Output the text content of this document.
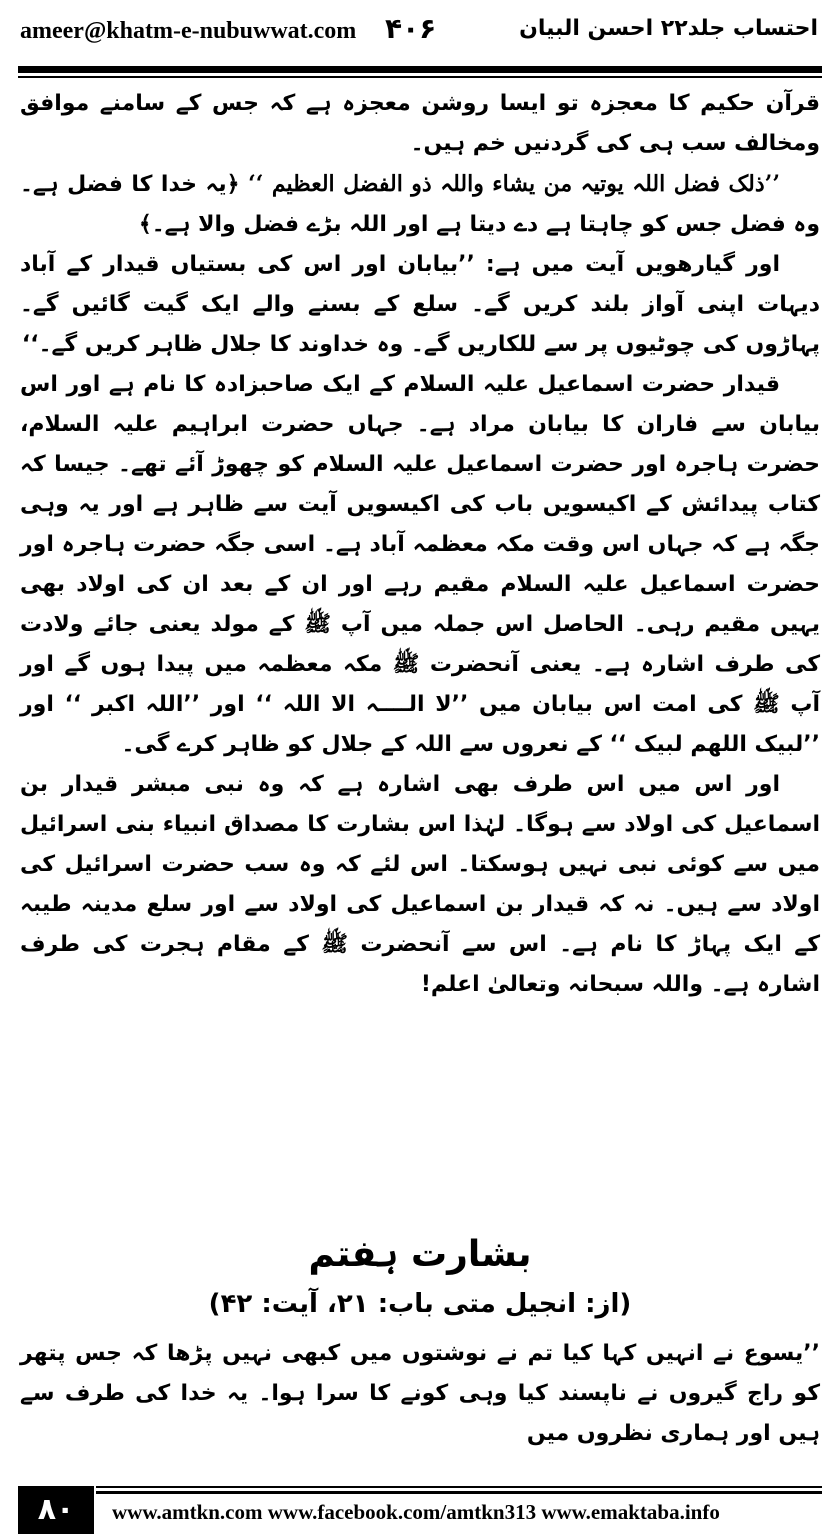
ameer@khatm-e-nubuwwat.com ۴۰۶	احتساب جلد۲۲ احسن البیان

قرآن حکیم کا معجزہ تو ایسا روشن معجزہ ہے کہ جس کے سامنے موافق ومخالف سب ہی کی گردنیں خم ہیں۔

’’ذلک فضل اللہ یوتیہ من یشاء واللہ ذو الفضل العظیم ‘‘ ﴿یہ خدا کا فضل ہے۔ وہ فضل جس کو چاہتا ہے دے دیتا ہے اور اللہ بڑے فضل والا ہے۔﴾

اور گیارھویں آیت میں ہے: ’’بیابان اور اس کی بستیاں قیدار کے آباد دیہات اپنی آواز بلند کریں گے۔ سلع کے بسنے والے ایک گیت گائیں گے۔ پہاڑوں کی چوٹیوں پر سے للکاریں گے۔ وہ خداوند کا جلال ظاہر کریں گے۔‘‘

قیدار حضرت اسماعیل علیہ السلام کے ایک صاحبزادہ کا نام ہے اور اس بیابان سے فاران کا بیابان مراد ہے۔ جہاں حضرت ابراہیم علیہ السلام، حضرت ہاجرہ اور حضرت اسماعیل علیہ السلام کو چھوڑ آئے تھے۔ جیسا کہ کتاب پیدائش کے اکیسویں باب کی اکیسویں آیت سے ظاہر ہے اور یہ وہی جگہ ہے کہ جہاں اس وقت مکہ معظمہ آباد ہے۔ اسی جگہ حضرت ہاجرہ اور حضرت اسماعیل علیہ السلام مقیم رہے اور ان کے بعد ان کی اولاد بھی یہیں مقیم رہی۔ الحاصل اس جملہ میں آپ ﷺ کے مولد یعنی جائے ولادت کی طرف اشارہ ہے۔ یعنی آنحضرت ﷺ مکہ معظمہ میں پیدا ہوں گے اور آپ ﷺ کی امت اس بیابان میں ’’لا الــــہ الا اللہ ‘‘ اور ’’اللہ اکبر ‘‘ اور ’’لبیک اللھم لبیک ‘‘ کے نعروں سے اللہ کے جلال کو ظاہر کرے گی۔

اور اس میں اس طرف بھی اشارہ ہے کہ وہ نبی مبشر قیدار بن اسماعیل کی اولاد سے ہوگا۔ لہٰذا اس بشارت کا مصداق انبیاء بنی اسرائیل میں سے کوئی نبی نہیں ہوسکتا۔ اس لئے کہ وہ سب حضرت اسرائیل کی اولاد سے ہیں۔ نہ کہ قیدار بن اسماعیل کی اولاد سے اور سلع مدینہ طیبہ کے ایک پہاڑ کا نام ہے۔ اس سے آنحضرت ﷺ کے مقام ہجرت کی طرف اشارہ ہے۔ واللہ سبحانہ وتعالیٰ اعلم!

بشارت ہفتم
(از: انجیل متی باب: ۲۱، آیت: ۴۲)

’’یسوع نے انہیں کہا کیا تم نے نوشتوں میں کبھی نہیں پڑھا کہ جس پتھر کو راج گیروں نے ناپسند کیا وہی کونے کا سرا ہوا۔ یہ خدا کی طرف سے ہیں اور ہماری نظروں میں

۸۰	www.amtkn.com www.facebook.com/amtkn313 www.emaktaba.info
